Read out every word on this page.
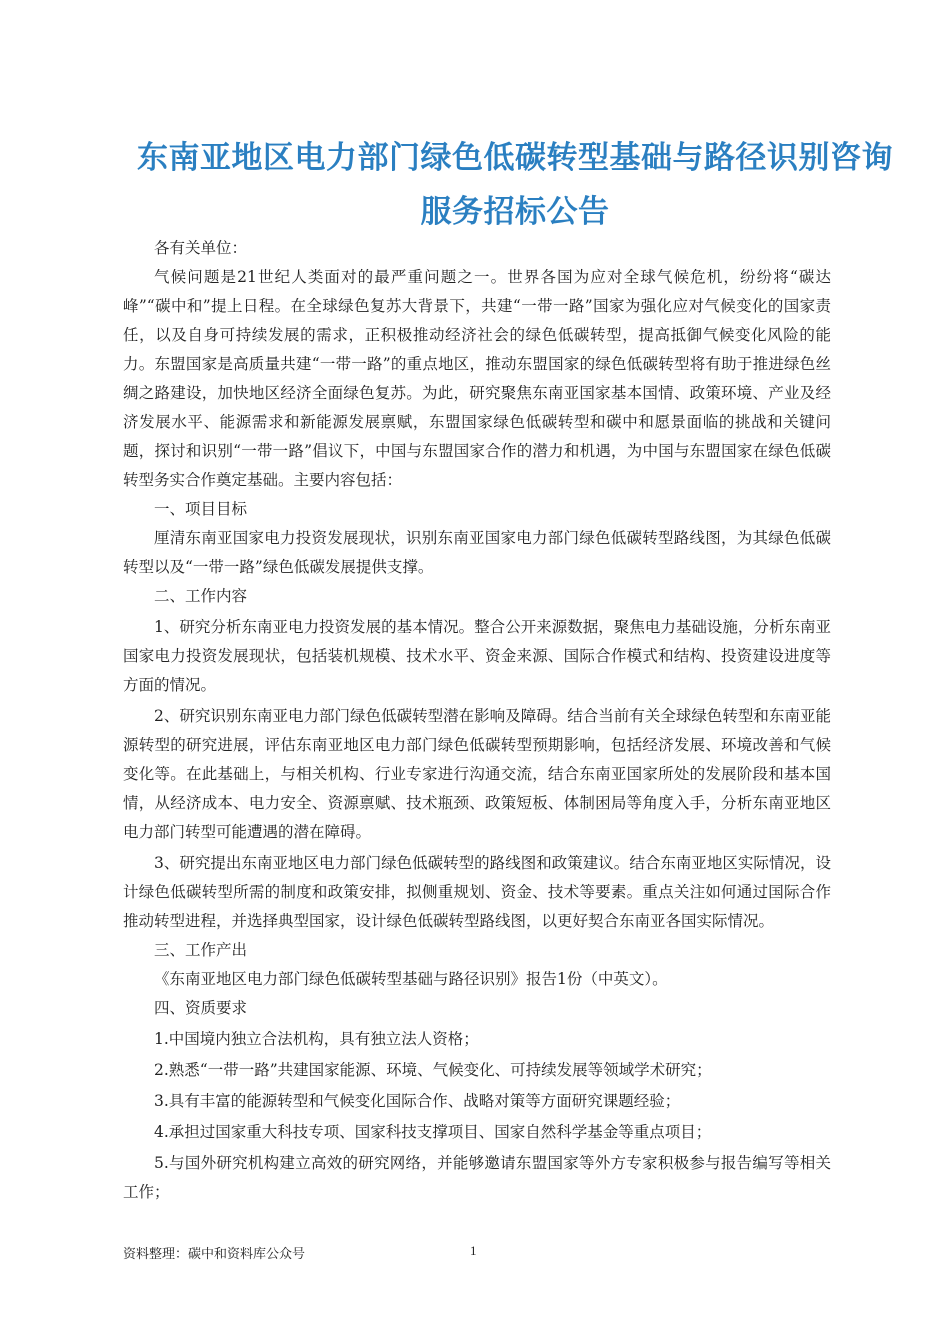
东南亚地区电力部门绿色低碳转型基础与路径识别咨询
服务招标公告

各有关单位：

气候问题是21世纪人类面对的最严重问题之一。世界各国为应对全球气候危机，纷纷将“碳达峰”“碳中和”提上日程。在全球绿色复苏大背景下，共建“一带一路”国家为强化应对气候变化的国家责任，以及自身可持续发展的需求，正积极推动经济社会的绿色低碳转型，提高抵御气候变化风险的能力。东盟国家是高质量共建“一带一路”的重点地区，推动东盟国家的绿色低碳转型将有助于推进绿色丝绸之路建设，加快地区经济全面绿色复苏。为此，研究聚焦东南亚国家基本国情、政策环境、产业及经济发展水平、能源需求和新能源发展禀赋，东盟国家绿色低碳转型和碳中和愿景面临的挑战和关键问题，探讨和识别“一带一路”倡议下，中国与东盟国家合作的潜力和机遇，为中国与东盟国家在绿色低碳转型务实合作奠定基础。主要内容包括：

一、项目目标

厘清东南亚国家电力投资发展现状，识别东南亚国家电力部门绿色低碳转型路线图，为其绿色低碳转型以及“一带一路”绿色低碳发展提供支撑。

二、工作内容

1、研究分析东南亚电力投资发展的基本情况。整合公开来源数据，聚焦电力基础设施，分析东南亚国家电力投资发展现状，包括装机规模、技术水平、资金来源、国际合作模式和结构、投资建设进度等方面的情况。

2、研究识别东南亚电力部门绿色低碳转型潜在影响及障碍。结合当前有关全球绿色转型和东南亚能源转型的研究进展，评估东南亚地区电力部门绿色低碳转型预期影响，包括经济发展、环境改善和气候变化等。在此基础上，与相关机构、行业专家进行沟通交流，结合东南亚国家所处的发展阶段和基本国情，从经济成本、电力安全、资源禀赋、技术瓶颈、政策短板、体制困局等角度入手，分析东南亚地区电力部门转型可能遭遇的潜在障碍。

3、研究提出东南亚地区电力部门绿色低碳转型的路线图和政策建议。结合东南亚地区实际情况，设计绿色低碳转型所需的制度和政策安排，拟侧重规划、资金、技术等要素。重点关注如何通过国际合作推动转型进程，并选择典型国家，设计绿色低碳转型路线图，以更好契合东南亚各国实际情况。

三、工作产出

《东南亚地区电力部门绿色低碳转型基础与路径识别》报告1份（中英文）。

四、资质要求

1.中国境内独立合法机构，具有独立法人资格；

2.熟悉“一带一路”共建国家能源、环境、气候变化、可持续发展等领域学术研究；

3.具有丰富的能源转型和气候变化国际合作、战略对策等方面研究课题经验；

4.承担过国家重大科技专项、国家科技支撑项目、国家自然科学基金等重点项目；

5.与国外研究机构建立高效的研究网络，并能够邀请东盟国家等外方专家积极参与报告编写等相关工作；

资料整理：碳中和资料库公众号	1
